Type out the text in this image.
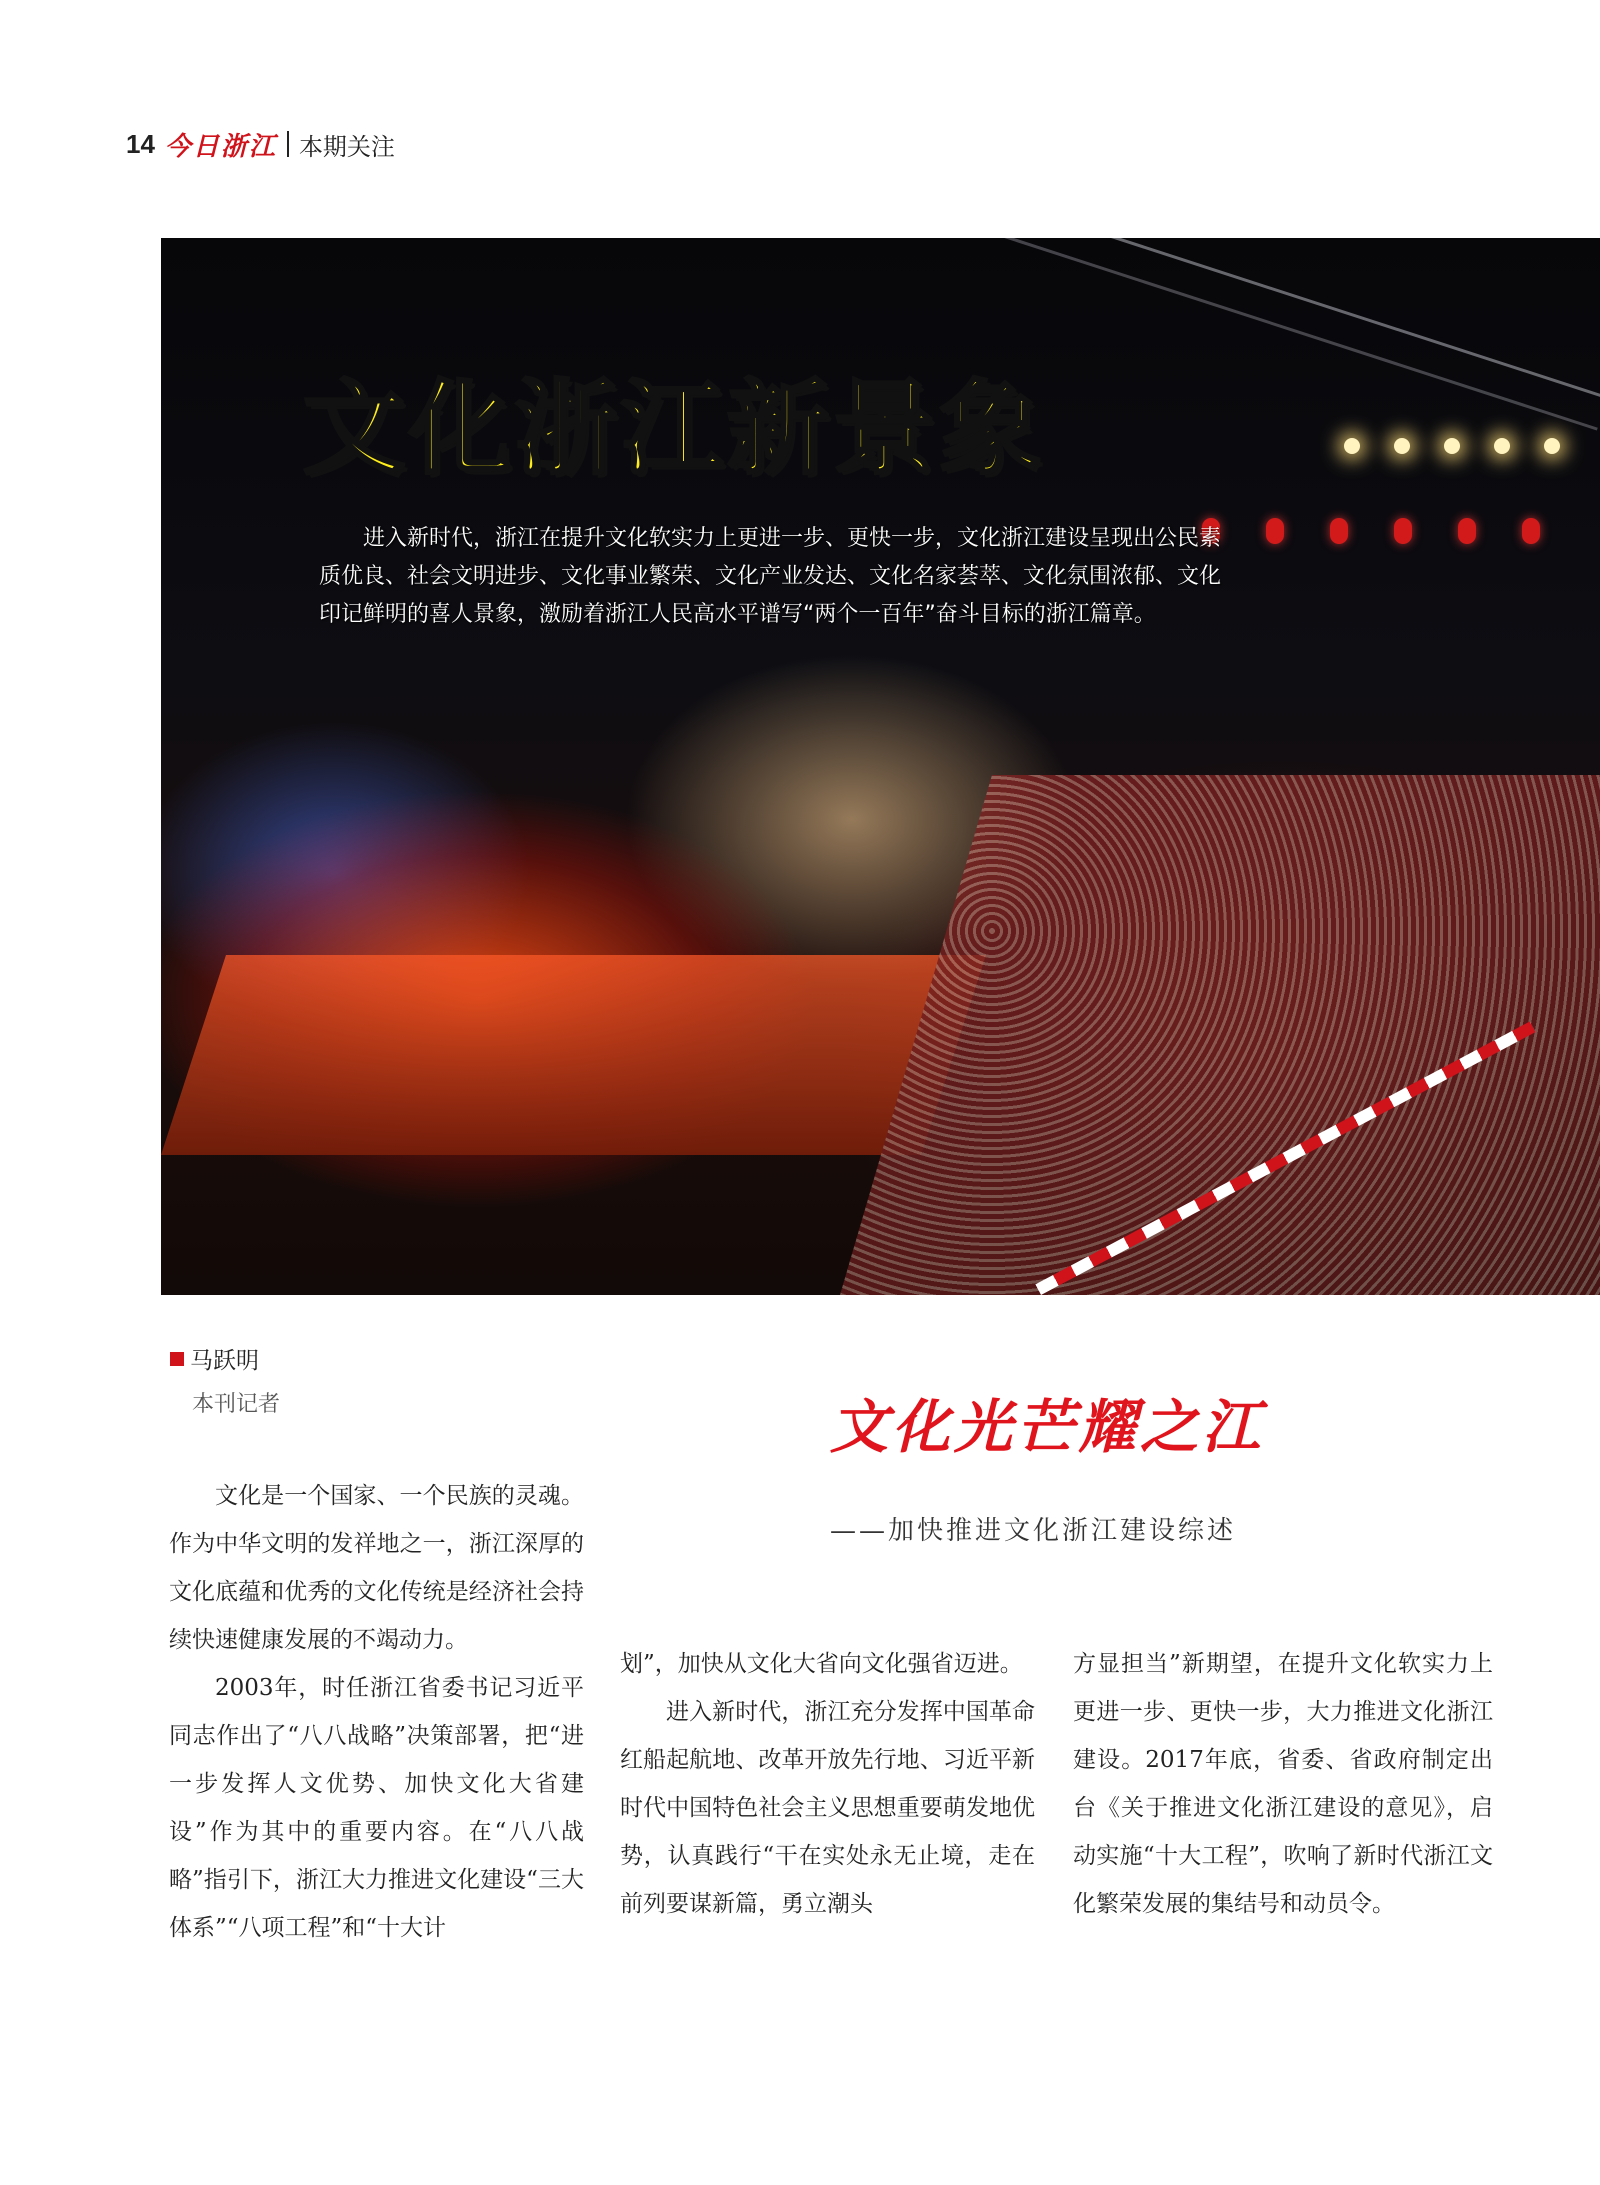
14 今日浙江 本期关注
文化浙江新景象

进入新时代，浙江在提升文化软实力上更进一步、更快一步，文化浙江建设呈现出公民素质优良、社会文明进步、文化事业繁荣、文化产业发达、文化名家荟萃、文化氛围浓郁、文化印记鲜明的喜人景象，激励着浙江人民高水平谱写“两个一百年”奋斗目标的浙江篇章。

马跃明
本刊记者	文化光芒耀之江

——加快推进文化浙江建设综述

文化是一个国家、一个民族的灵魂。作为中华文明的发祥地之一，浙江深厚的文化底蕴和优秀的文化传统是经济社会持续快速健康发展的不竭动力。

2003年，时任浙江省委书记习近平同志作出了“八八战略”决策部署，把“进一步发挥人文优势、加快文化大省建设”作为其中的重要内容。在“八八战略”指引下，浙江大力推进文化建设“三大体系”“八项工程”和“十大计

划”，加快从文化大省向文化强省迈进。

进入新时代，浙江充分发挥中国革命红船起航地、改革开放先行地、习近平新时代中国特色社会主义思想重要萌发地优势，认真践行“干在实处永无止境，走在前列要谋新篇，勇立潮头

方显担当”新期望，在提升文化软实力上更进一步、更快一步，大力推进文化浙江建设。2017年底，省委、省政府制定出台《关于推进文化浙江建设的意见》，启动实施“十大工程”，吹响了新时代浙江文化繁荣发展的集结号和动员令。
